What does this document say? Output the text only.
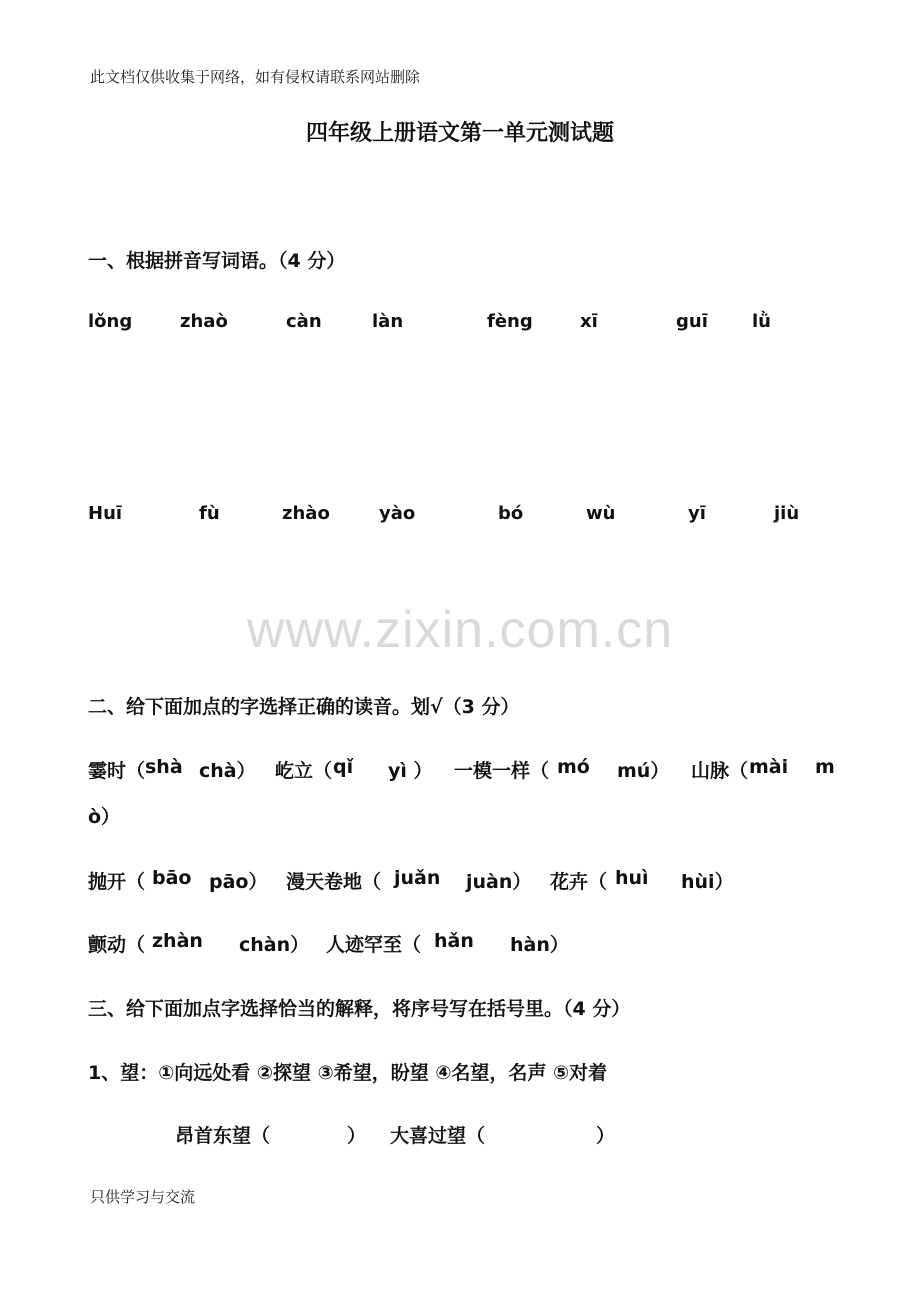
此文档仅供收集于网络，如有侵权请联系网站删除
四年级上册语文第一单元测试题
一、根据拼音写词语。（4 分）
lǒng	zhaò	càn	làn	fèng	xī	guī lǜ
Huī	fù	zhào	yào	bó	wù	yī	jiù
www.zixin.com.cn
二、给下面加点的字选择正确的读音。划√（3 分）
霎时（ shà chà） 屹立（ qǐ yì ） 一模一样（ mó mú） 山脉（ mài m
ò）
抛开（ bāo pāo） 漫天卷地（ juǎn juàn） 花卉（ huì hùi）
颤动（ zhàn chàn） 人迹罕至（ hǎn hàn）
三、给下面加点字选择恰当的解释，将序号写在括号里。（4 分）
1、望：①向远处看 ②探望 ③希望，盼望 ④名望，名声 ⑤对着
昂首东望（	） 大喜过望（	）
只供学习与交流
